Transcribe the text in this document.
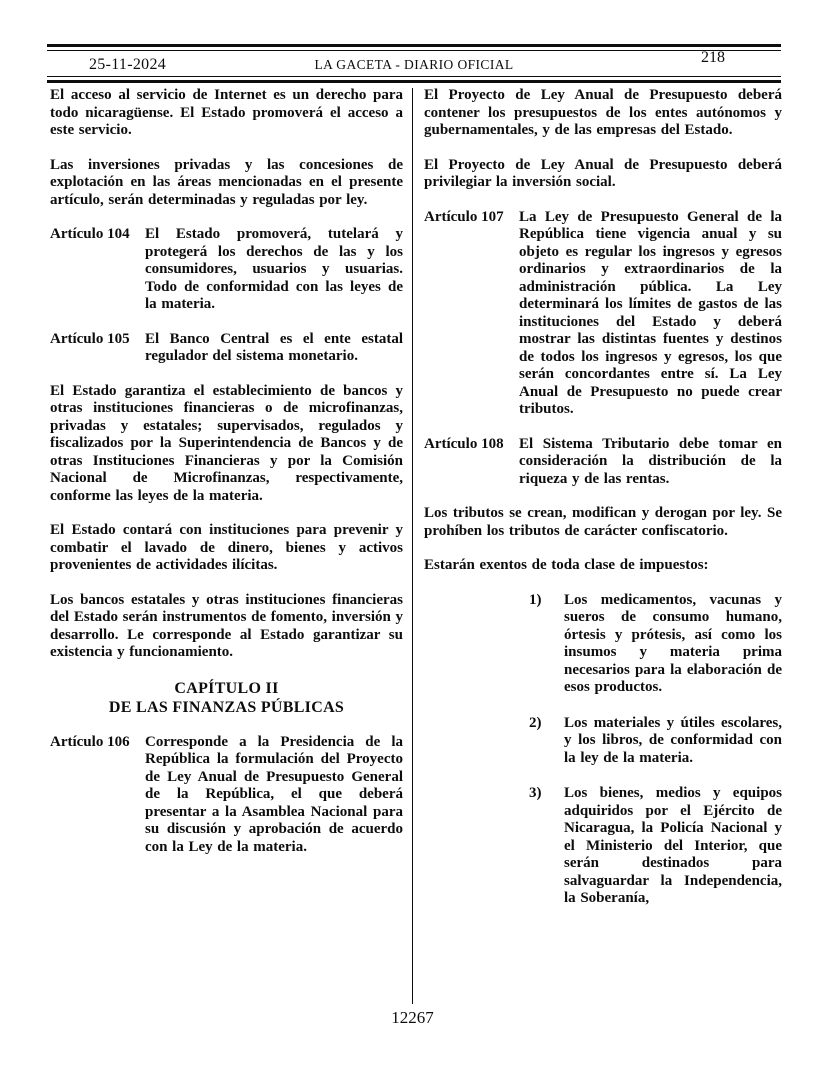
25-11-2024	LA GACETA - DIARIO OFICIAL	218

El acceso al servicio de Internet es un derecho para todo nicaragüense. El Estado promoverá el acceso a este servicio.

Las inversiones privadas y las concesiones de explotación en las áreas mencionadas en el presente artículo, serán determinadas y reguladas por ley.

Artículo 104	El Estado promoverá, tutelará y protegerá los derechos de las y los consumidores, usuarios y usuarias. Todo de conformidad con las leyes de la materia.
Artículo 105	El Banco Central es el ente estatal regulador del sistema monetario.

El Estado garantiza el establecimiento de bancos y otras instituciones financieras o de microfinanzas, privadas y estatales; supervisados, regulados y fiscalizados por la Superintendencia de Bancos y de otras Instituciones Financieras y por la Comisión Nacional de Microfinanzas, respectivamente, conforme las leyes de la materia.

El Estado contará con instituciones para prevenir y combatir el lavado de dinero, bienes y activos provenientes de actividades ilícitas.

Los bancos estatales y otras instituciones financieras del Estado serán instrumentos de fomento, inversión y desarrollo. Le corresponde al Estado garantizar su existencia y funcionamiento.

CAPÍTULO II
DE LAS FINANZAS PÚBLICAS
Artículo 106	Corresponde a la Presidencia de la República la formulación del Proyecto de Ley Anual de Presupuesto General de la República, el que deberá presentar a la Asamblea Nacional para su discusión y aprobación de acuerdo con la Ley de la materia.

El Proyecto de Ley Anual de Presupuesto deberá contener los presupuestos de los entes autónomos y gubernamentales, y de las empresas del Estado.

El Proyecto de Ley Anual de Presupuesto deberá privilegiar la inversión social.

Artículo 107	La Ley de Presupuesto General de la República tiene vigencia anual y su objeto es regular los ingresos y egresos ordinarios y extraordinarios de la administración pública. La Ley determinará los límites de gastos de las instituciones del Estado y deberá mostrar las distintas fuentes y destinos de todos los ingresos y egresos, los que serán concordantes entre sí. La Ley Anual de Presupuesto no puede crear tributos.
Artículo 108	El Sistema Tributario debe tomar en consideración la distribución de la riqueza y de las rentas.

Los tributos se crean, modifican y derogan por ley. Se prohíben los tributos de carácter confiscatorio.

Estarán exentos de toda clase de impuestos:

1)	Los medicamentos, vacunas y sueros de consumo humano, órtesis y prótesis, así como los insumos y materia prima necesarios para la elaboración de esos productos.
2)	Los materiales y útiles escolares, y los libros, de conformidad con la ley de la materia.
3)	Los bienes, medios y equipos adquiridos por el Ejército de Nicaragua, la Policía Nacional y el Ministerio del Interior, que serán destinados para salvaguardar la Independencia, la Soberanía,
12267
